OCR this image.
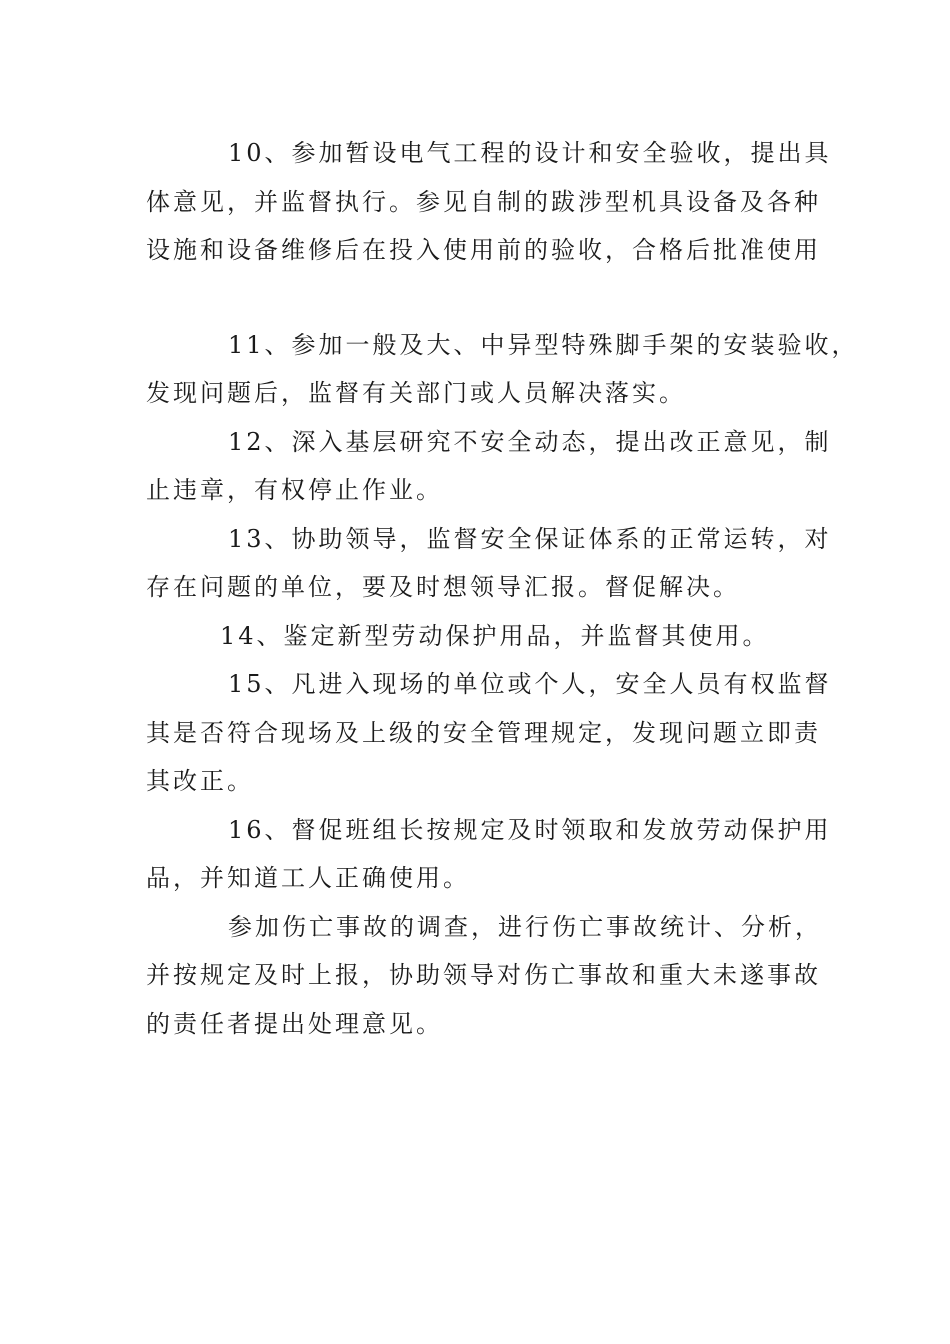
10、参加暂设电气工程的设计和安全验收，提出具
体意见，并监督执行。参见自制的跋涉型机具设备及各种
设施和设备维修后在投入使用前的验收，合格后批准使用
11、参加一般及大、中异型特殊脚手架的安装验收，
发现问题后，监督有关部门或人员解决落实。
12、深入基层研究不安全动态，提出改正意见，制
止违章，有权停止作业。
13、协助领导，监督安全保证体系的正常运转，对
存在问题的单位，要及时想领导汇报。督促解决。
14、鉴定新型劳动保护用品，并监督其使用。
15、凡进入现场的单位或个人，安全人员有权监督
其是否符合现场及上级的安全管理规定，发现问题立即责
其改正。
16、督促班组长按规定及时领取和发放劳动保护用
品，并知道工人正确使用。
参加伤亡事故的调查，进行伤亡事故统计、分析，
并按规定及时上报，协助领导对伤亡事故和重大未遂事故
的责任者提出处理意见。
